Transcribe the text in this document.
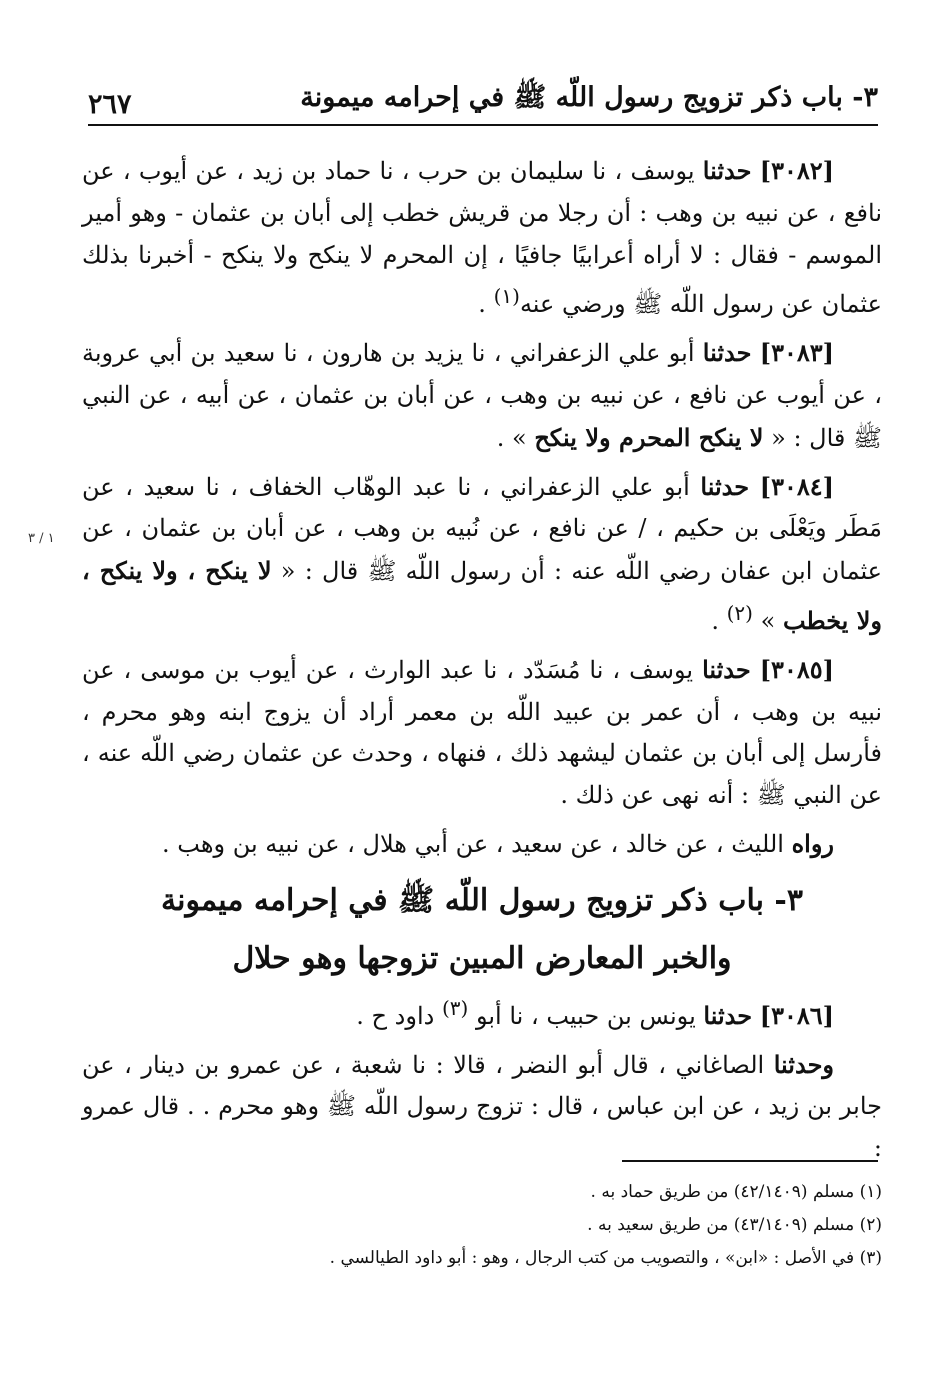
٣- باب ذكر تزويج رسول اللّه ﷺ في إحرامه ميمونة
٢٦٧
١ / ٣

[٣٠٨٢] حدثنا يوسف ، نا سليمان بن حرب ، نا حماد بن زيد ، عن أيوب ، عن نافع ، عن نبيه بن وهب : أن رجلا من قريش خطب إلى أبان بن عثمان - وهو أمير الموسم - فقال : لا أراه أعرابيًا جافيًا ، إن المحرم لا ينكح ولا ينكح - أخبرنا بذلك عثمان عن رسول اللّه ﷺ ورضي عنه$^{(١)}$ .

[٣٠٨٣] حدثنا أبو علي الزعفراني ، نا يزيد بن هارون ، نا سعيد بن أبي عروبة ، عن أيوب عن نافع ، عن نبيه بن وهب ، عن أبان بن عثمان ، عن أبيه ، عن النبي ﷺ قال : « لا ينكح المحرم ولا ينكح » .

[٣٠٨٤] حدثنا أبو علي الزعفراني ، نا عبد الوهّاب الخفاف ، نا سعيد ، عن مَطَر ويَعْلَى بن حكيم ، / عن نافع ، عن نُبيه بن وهب ، عن أبان بن عثمان ، عن عثمان ابن عفان رضي اللّه عنه : أن رسول اللّه ﷺ قال : « لا ينكح ، ولا ينكح ، ولا يخطب » $^{(٢)}$ .

[٣٠٨٥] حدثنا يوسف ، نا مُسَدّد ، نا عبد الوارث ، عن أيوب بن موسى ، عن نبيه بن وهب ، أن عمر بن عبيد اللّه بن معمر أراد أن يزوج ابنه وهو محرم ، فأرسل إلى أبان بن عثمان ليشهد ذلك ، فنهاه ، وحدث عن عثمان رضي اللّه عنه ، عن النبي ﷺ : أنه نهى عن ذلك .

رواه الليث ، عن خالد ، عن سعيد ، عن أبي هلال ، عن نبيه بن وهب .

٣- باب ذكر تزويج رسول اللّه ﷺ في إحرامه ميمونة
والخبر المعارض المبين تزوجها وهو حلال

[٣٠٨٦] حدثنا يونس بن حبيب ، نا أبو $^{(٣)}$ داود ح .

وحدثنا الصاغاني ، قال أبو النضر ، قالا : نا شعبة ، عن عمرو بن دينار ، عن جابر بن زيد ، عن ابن عباس ، قال : تزوج رسول اللّه ﷺ وهو محرم . . قال عمرو :

(١) مسلم (٤٢/١٤٠٩) من طريق حماد به .
(٢) مسلم (٤٣/١٤٠٩) من طريق سعيد به .
(٣) في الأصل : «ابن» ، والتصويب من كتب الرجال ، وهو : أبو داود الطيالسي .
